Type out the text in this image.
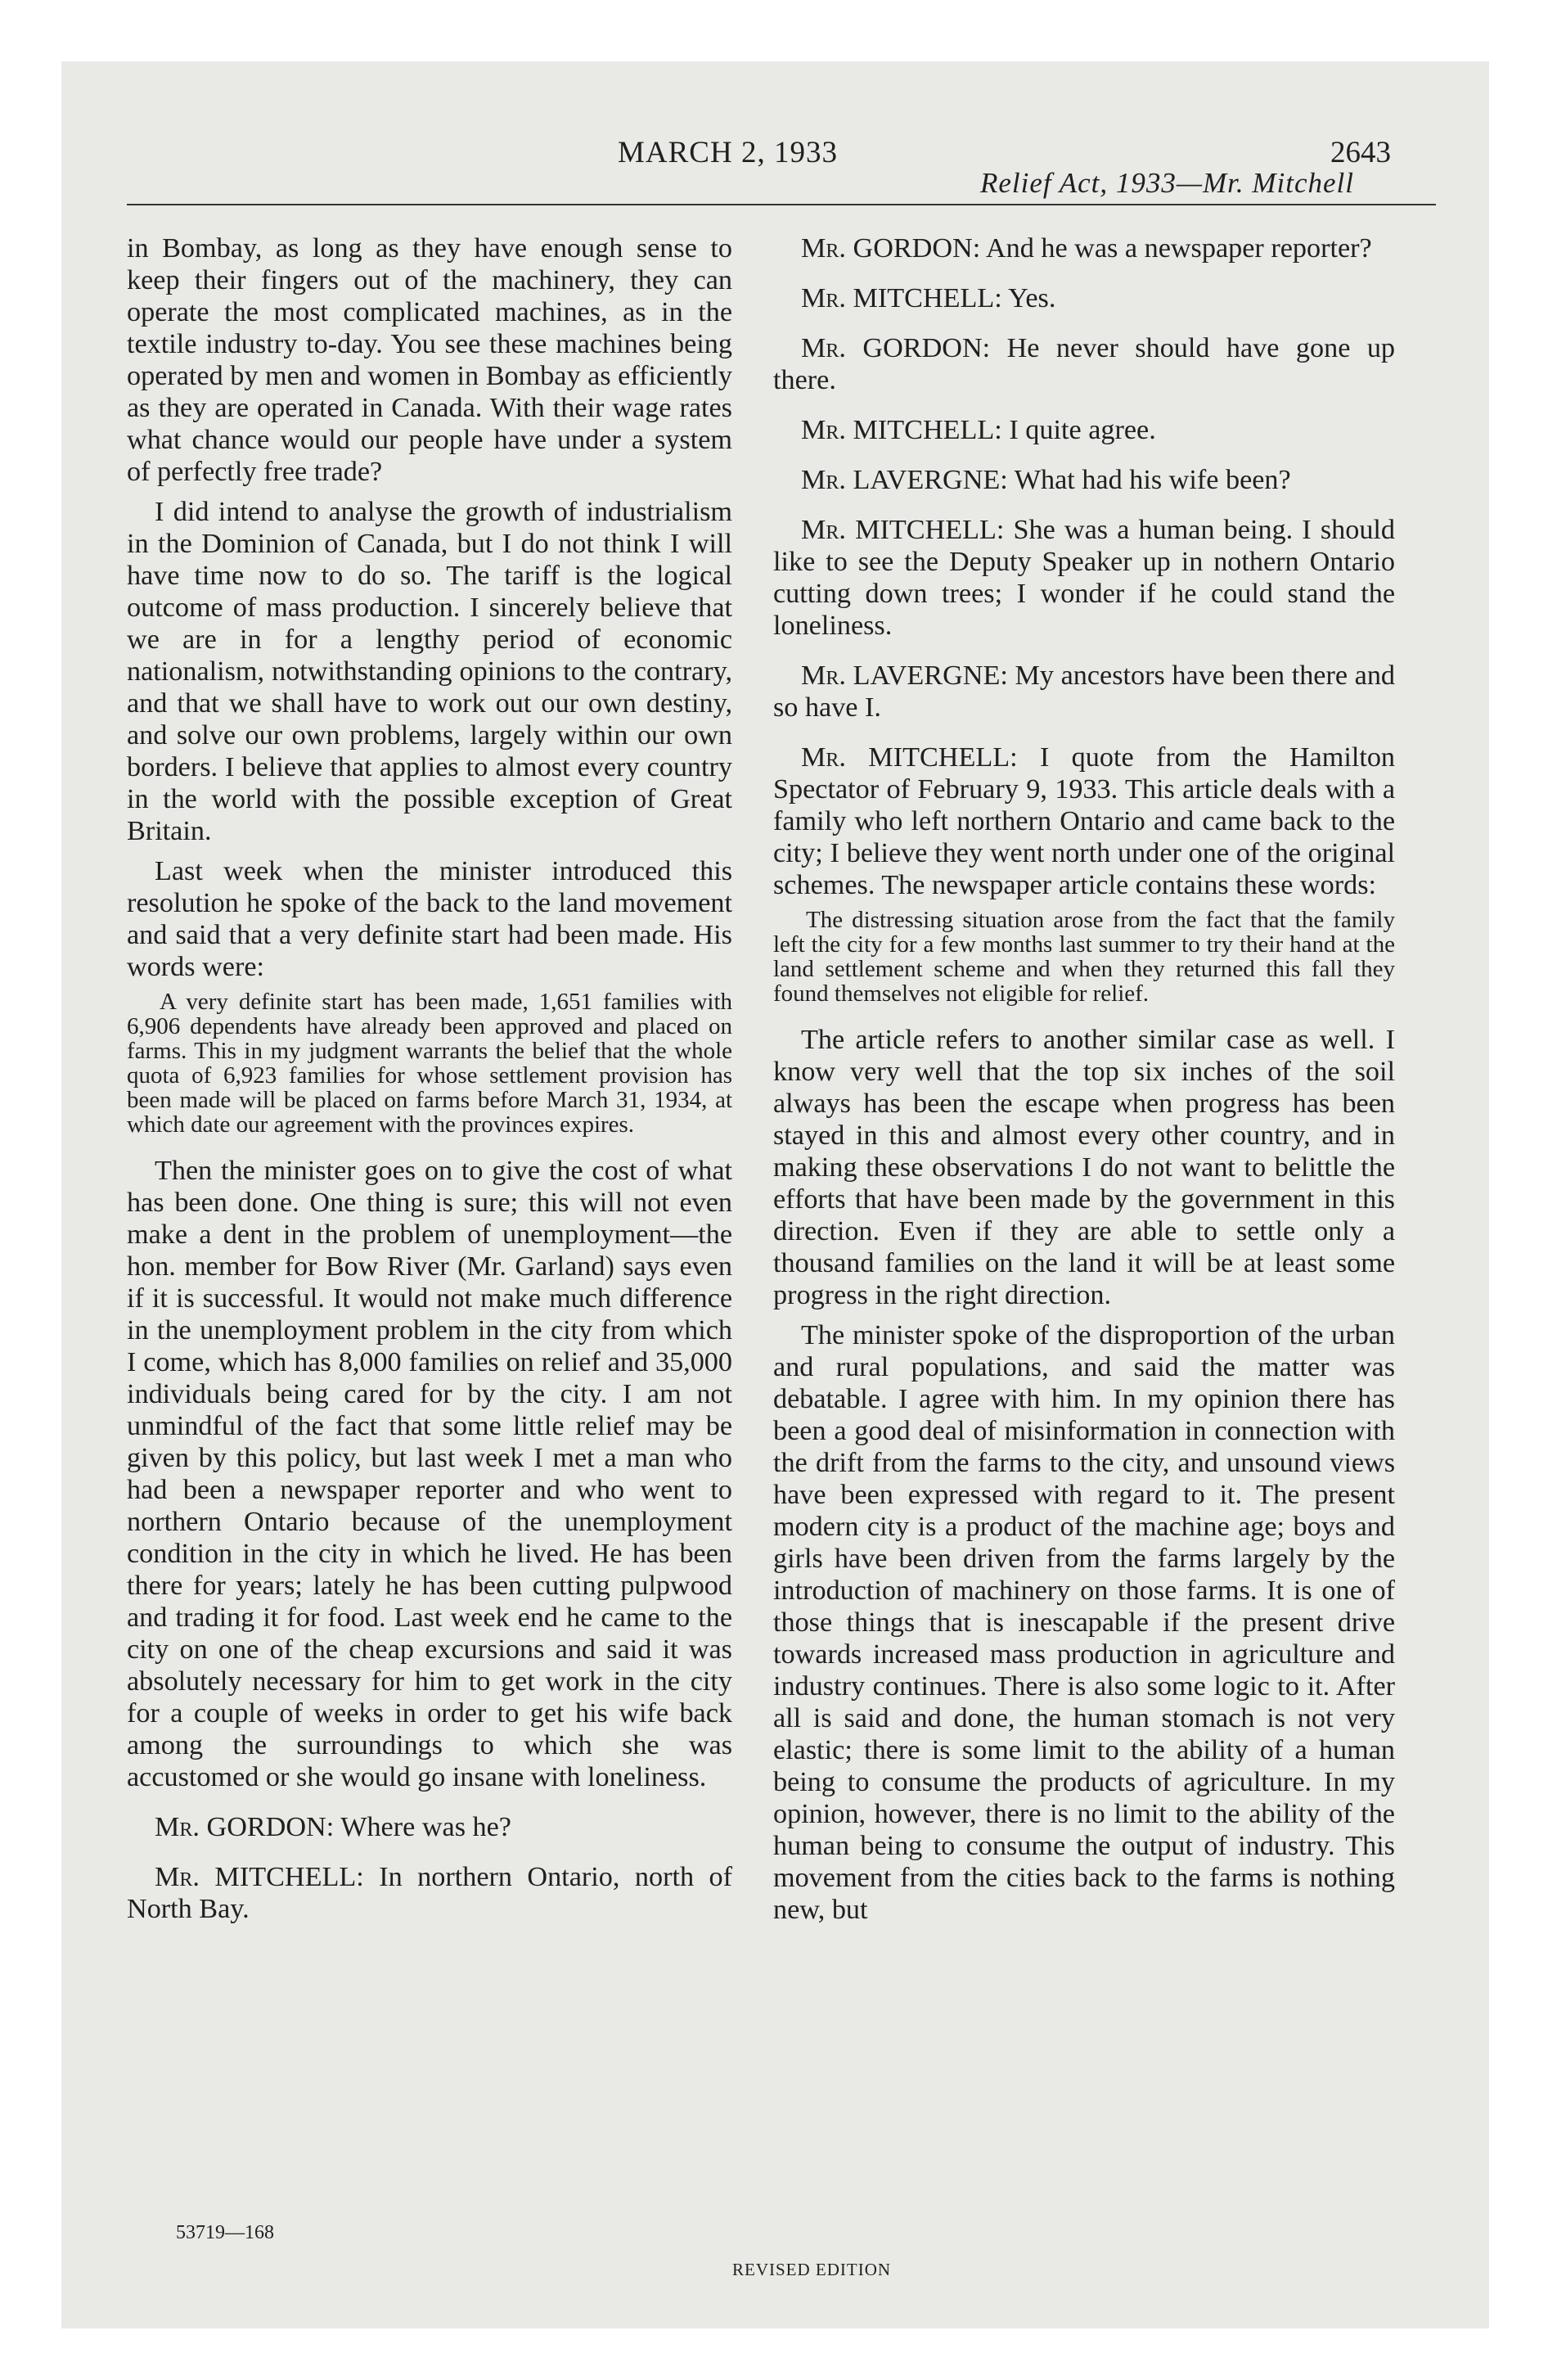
MARCH 2, 1933	2643
Relief Act, 1933—Mr. Mitchell

in Bombay, as long as they have enough sense to keep their fingers out of the machinery, they can operate the most complicated machines, as in the textile industry to-day. You see these machines being operated by men and women in Bombay as efficiently as they are operated in Canada. With their wage rates what chance would our people have under a system of perfectly free trade?

I did intend to analyse the growth of industrialism in the Dominion of Canada, but I do not think I will have time now to do so. The tariff is the logical outcome of mass production. I sincerely believe that we are in for a lengthy period of economic nationalism, notwithstanding opinions to the contrary, and that we shall have to work out our own destiny, and solve our own problems, largely within our own borders. I believe that applies to almost every country in the world with the possible exception of Great Britain.

Last week when the minister introduced this resolution he spoke of the back to the land movement and said that a very definite start had been made. His words were:

A very definite start has been made, 1,651 families with 6,906 dependents have already been approved and placed on farms. This in my judgment warrants the belief that the whole quota of 6,923 families for whose settlement provision has been made will be placed on farms before March 31, 1934, at which date our agreement with the provinces expires.

Then the minister goes on to give the cost of what has been done. One thing is sure; this will not even make a dent in the problem of unemployment—the hon. member for Bow River (Mr. Garland) says even if it is successful. It would not make much difference in the unemployment problem in the city from which I come, which has 8,000 families on relief and 35,000 individuals being cared for by the city. I am not unmindful of the fact that some little relief may be given by this policy, but last week I met a man who had been a newspaper reporter and who went to northern Ontario because of the unemployment condition in the city in which he lived. He has been there for years; lately he has been cutting pulpwood and trading it for food. Last week end he came to the city on one of the cheap excursions and said it was absolutely necessary for him to get work in the city for a couple of weeks in order to get his wife back among the surroundings to which she was accustomed or she would go insane with loneliness.

Mr. GORDON: Where was he?

Mr. MITCHELL: In northern Ontario, north of North Bay.

Mr. GORDON: And he was a newspaper reporter?

Mr. MITCHELL: Yes.

Mr. GORDON: He never should have gone up there.

Mr. MITCHELL: I quite agree.

Mr. LAVERGNE: What had his wife been?

Mr. MITCHELL: She was a human being. I should like to see the Deputy Speaker up in nothern Ontario cutting down trees; I wonder if he could stand the loneliness.

Mr. LAVERGNE: My ancestors have been there and so have I.

Mr. MITCHELL: I quote from the Hamilton Spectator of February 9, 1933. This article deals with a family who left northern Ontario and came back to the city; I believe they went north under one of the original schemes. The newspaper article contains these words:

The distressing situation arose from the fact that the family left the city for a few months last summer to try their hand at the land settlement scheme and when they returned this fall they found themselves not eligible for relief.

The article refers to another similar case as well. I know very well that the top six inches of the soil always has been the escape when progress has been stayed in this and almost every other country, and in making these observations I do not want to belittle the efforts that have been made by the government in this direction. Even if they are able to settle only a thousand families on the land it will be at least some progress in the right direction.

The minister spoke of the disproportion of the urban and rural populations, and said the matter was debatable. I agree with him. In my opinion there has been a good deal of misinformation in connection with the drift from the farms to the city, and unsound views have been expressed with regard to it. The present modern city is a product of the machine age; boys and girls have been driven from the farms largely by the introduction of machinery on those farms. It is one of those things that is inescapable if the present drive towards increased mass production in agriculture and industry continues. There is also some logic to it. After all is said and done, the human stomach is not very elastic; there is some limit to the ability of a human being to consume the products of agriculture. In my opinion, however, there is no limit to the ability of the human being to consume the output of industry. This movement from the cities back to the farms is nothing new, but

53719—168
REVISED EDITION
